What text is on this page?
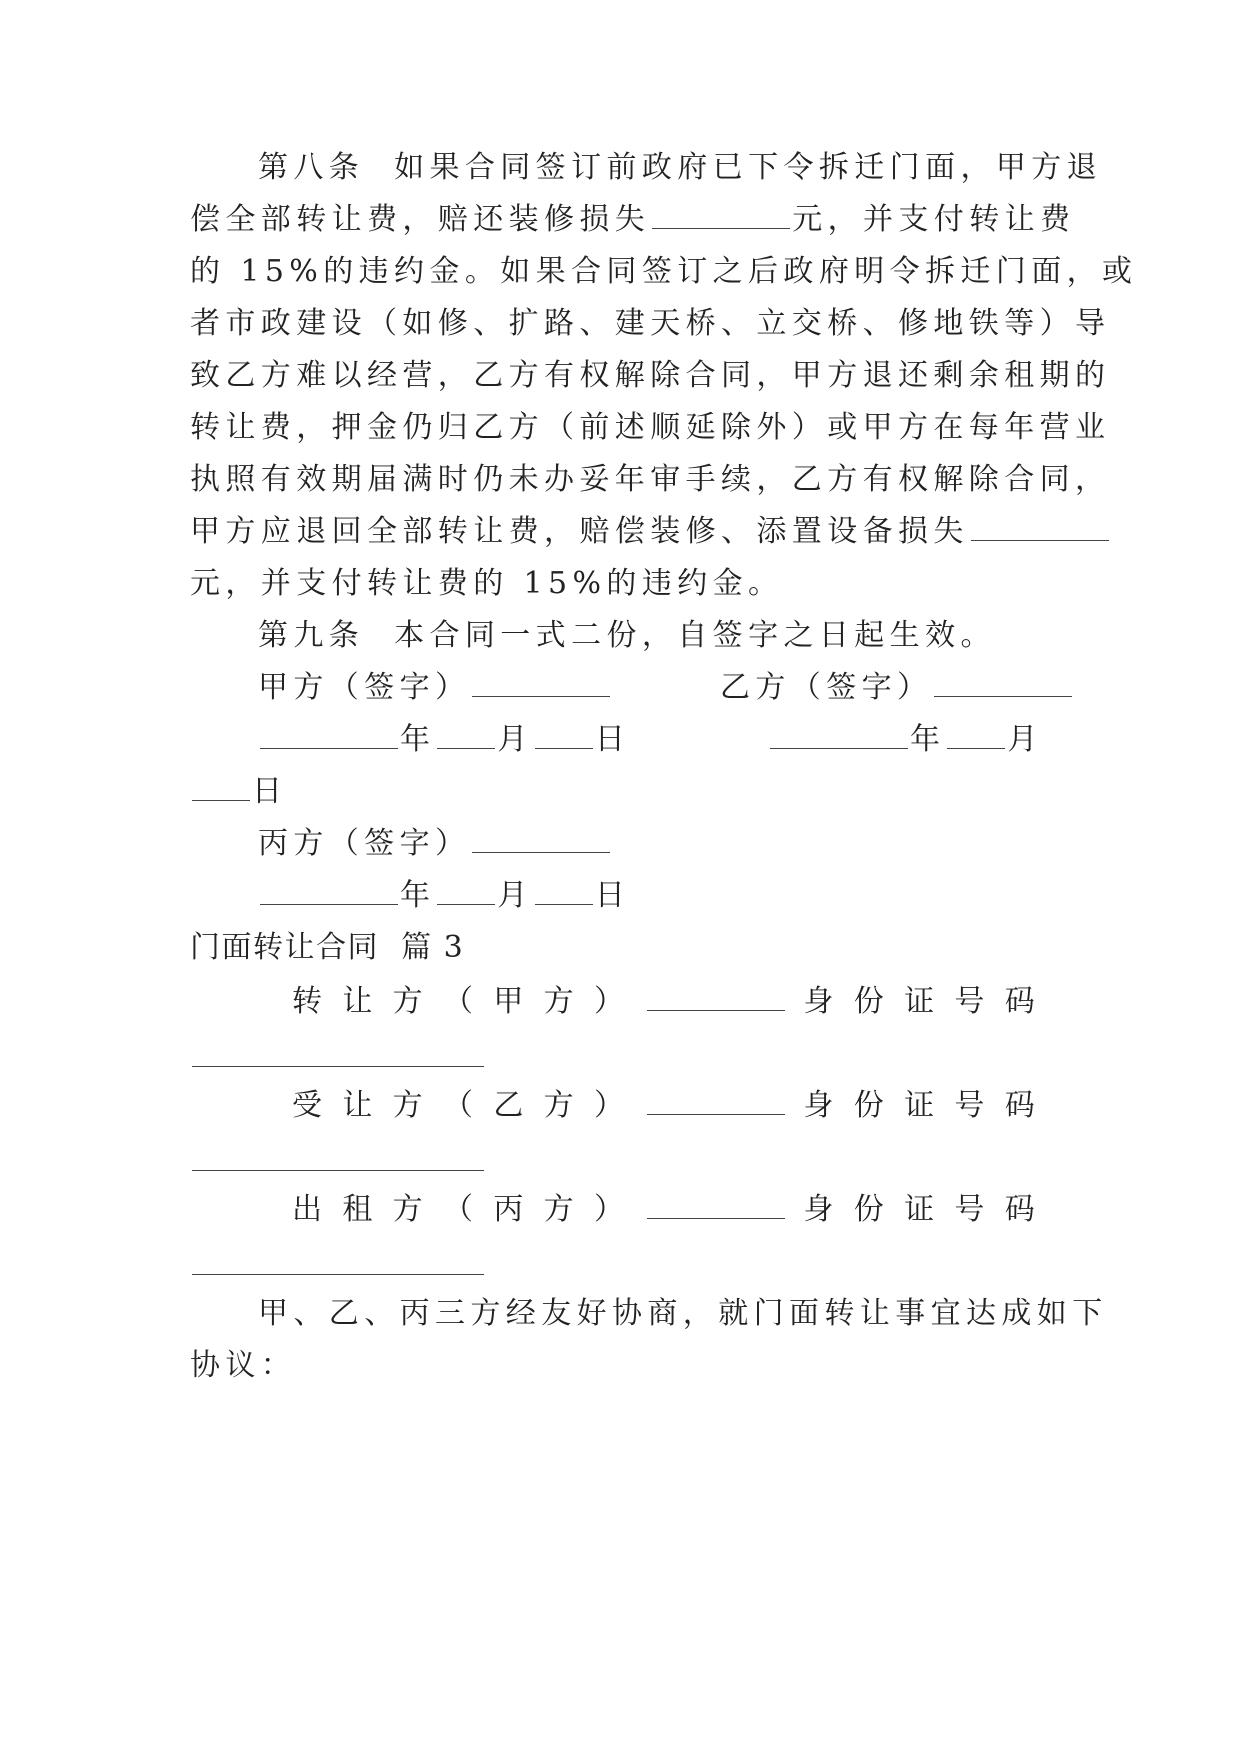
第八条  如果合同签订前政府已下令拆迁门面，甲方退
偿全部转让费，赔还装修损失	元，并支付转让费
的 15%的违约金。如果合同签订之后政府明令拆迁门面，或
者市政建设（如修、扩路、建天桥、立交桥、修地铁等）导
致乙方难以经营，乙方有权解除合同，甲方退还剩余租期的
转让费，押金仍归乙方（前述顺延除外）或甲方在每年营业
执照有效期届满时仍未办妥年审手续，乙方有权解除合同，
甲方应退回全部转让费，赔偿装修、添置设备损失
元，并支付转让费的 15%的违约金。
第九条  本合同一式二份，自签字之日起生效。
甲方（签字）	乙方（签字）
年 月 日	年 月
日
丙方（签字）
年 月 日
门面转让合同  篇 3
转 让 方 （ 甲 方 ）	身 份 证 号 码
受 让 方 （ 乙 方 ）	身 份 证 号 码
出 租 方 （ 丙 方 ）	身 份 证 号 码
甲、乙、丙三方经友好协商，就门面转让事宜达成如下
协议：
